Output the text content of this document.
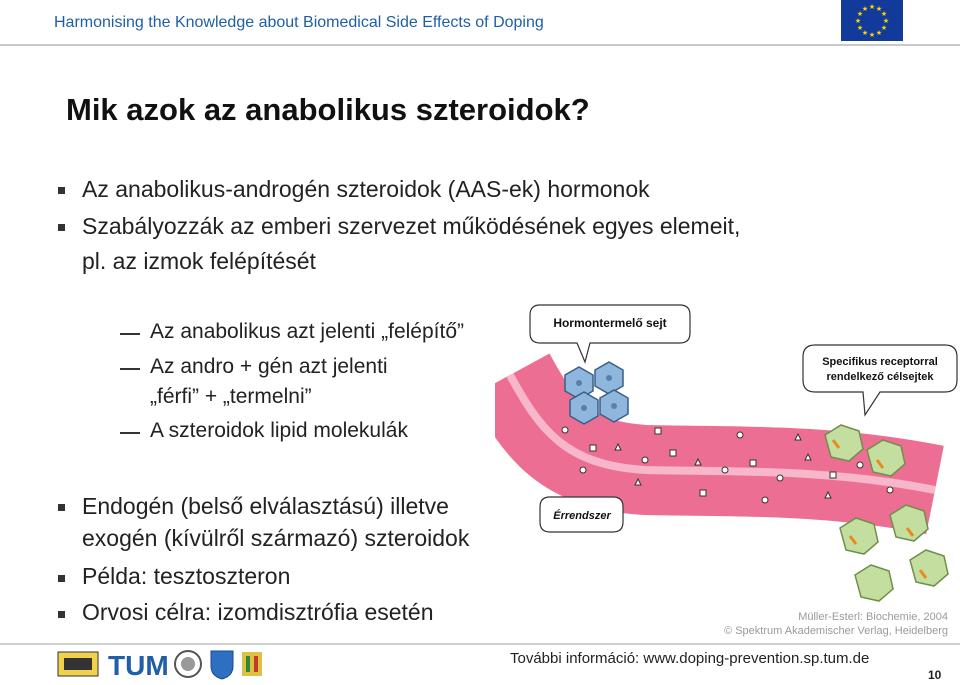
Harmonising the Knowledge about Biomedical Side Effects of Doping
★ ★
★
★
★
★
★
★
★
★
★
★
Mik azok az anabolikus szteroidok?
Az anabolikus-androgén szteroidok (AAS-ek) hormonok
Szabályozzák az emberi szervezet működésének egyes elemeit,
pl. az izmok felépítését
Az anabolikus azt jelenti „felépítő”
Az andro + gén azt jelenti
„férfi” + „termelni”
A szteroidok lipid molekulák
Endogén (belső elválasztású) illetve
exogén (kívülről származó) szteroidok
Példa: tesztoszteron
Orvosi célra: izomdisztrófia esetén
Hormontermelő sejt
Specifikus receptorral
rendelkező célsejtek
Érrendszer
Müller-Esterl: Biochemie, 2004
© Spektrum Akademischer Verlag, Heidelberg
TUM	További információ: www.doping-prevention.sp.tum.de
10
